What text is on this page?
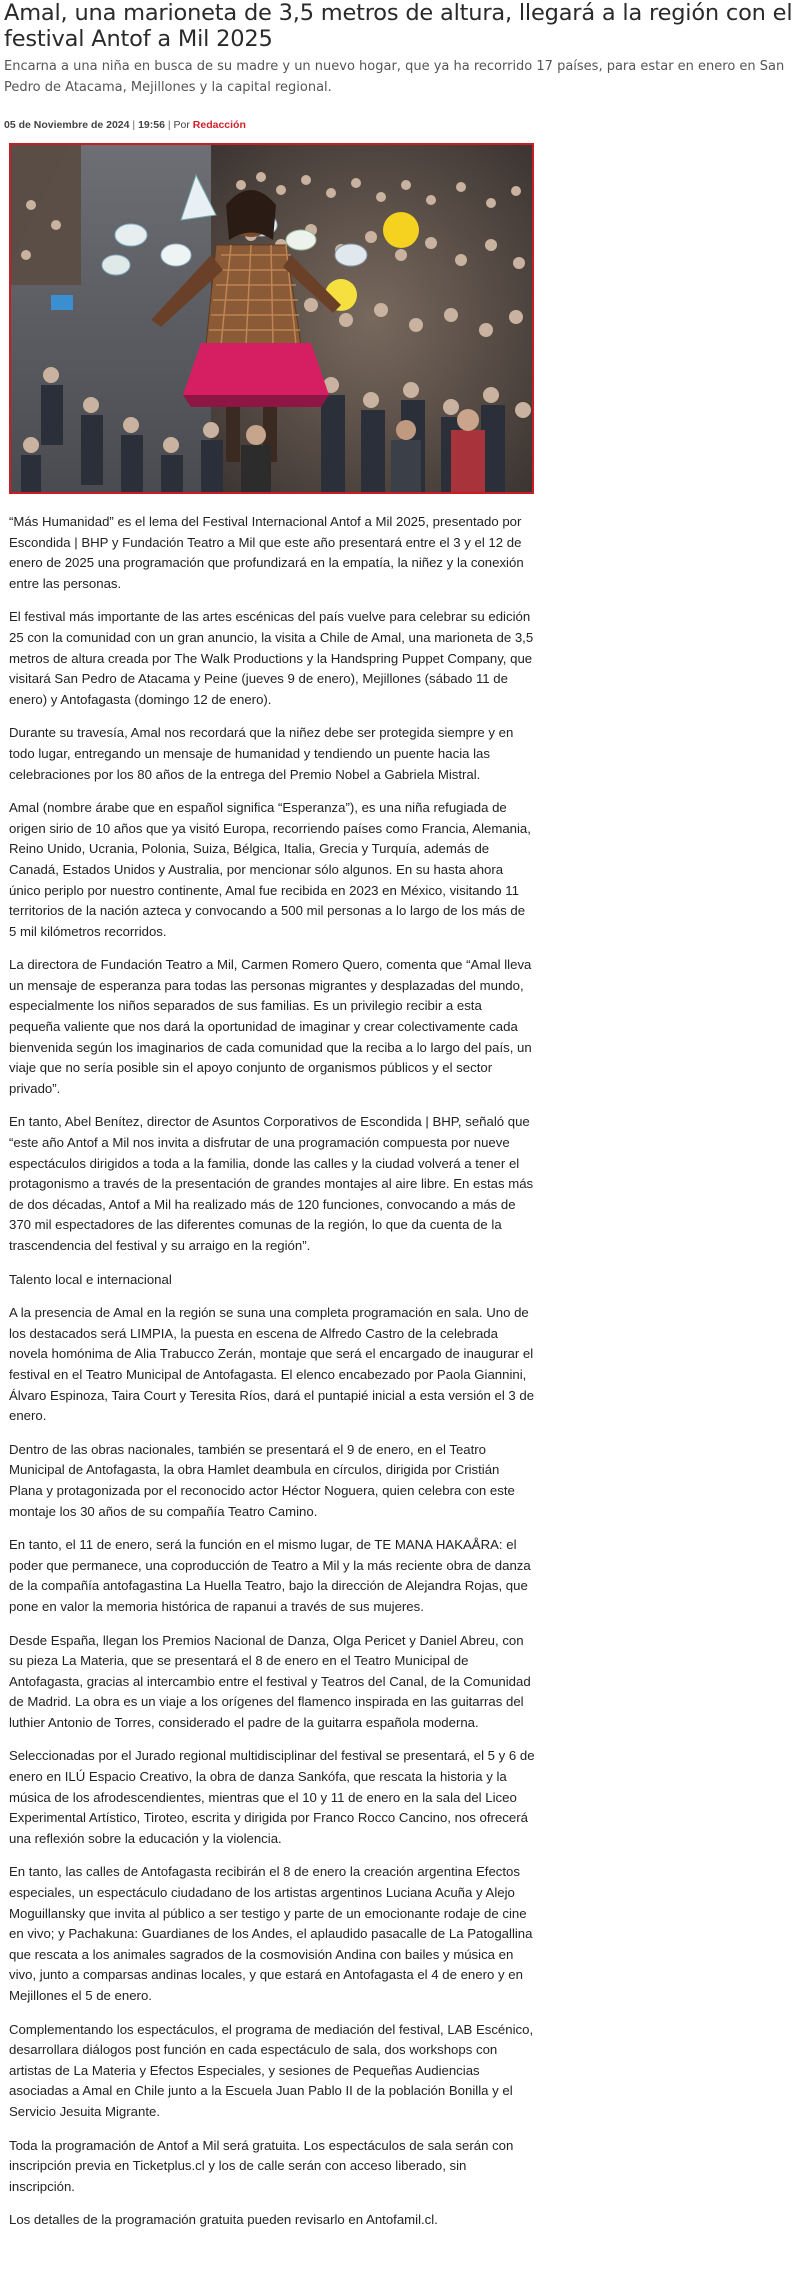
Amal, una marioneta de 3,5 metros de altura, llegará a la región con el festival Antof a Mil 2025
Encarna a una niña en busca de su madre y un nuevo hogar, que ya ha recorrido 17 países, para estar en enero en San Pedro de Atacama, Mejillones y la capital regional.
05 de Noviembre de 2024 | 19:56 | Por Redacción

“Más Humanidad” es el lema del Festival Internacional Antof a Mil 2025, presentado por Escondida | BHP y Fundación Teatro a Mil que este año presentará entre el 3 y el 12 de enero de 2025 una programación que profundizará en la empatía, la niñez y la conexión entre las personas.

El festival más importante de las artes escénicas del país vuelve para celebrar su edición 25 con la comunidad con un gran anuncio, la visita a Chile de Amal, una marioneta de 3,5 metros de altura creada por The Walk Productions y la Handspring Puppet Company, que visitará San Pedro de Atacama y Peine (jueves 9 de enero), Mejillones (sábado 11 de enero) y Antofagasta (domingo 12 de enero).

Durante su travesía, Amal nos recordará que la niñez debe ser protegida siempre y en todo lugar, entregando un mensaje de humanidad y tendiendo un puente hacia las celebraciones por los 80 años de la entrega del Premio Nobel a Gabriela Mistral.

Amal (nombre árabe que en español significa “Esperanza”), es una niña refugiada de origen sirio de 10 años que ya visitó Europa, recorriendo países como Francia, Alemania, Reino Unido, Ucrania, Polonia, Suiza, Bélgica, Italia, Grecia y Turquía, además de Canadá, Estados Unidos y Australia, por mencionar sólo algunos. En su hasta ahora único periplo por nuestro continente, Amal fue recibida en 2023 en México, visitando 11 territorios de la nación azteca y convocando a 500 mil personas a lo largo de los más de 5 mil kilómetros recorridos.

La directora de Fundación Teatro a Mil, Carmen Romero Quero, comenta que “Amal lleva un mensaje de esperanza para todas las personas migrantes y desplazadas del mundo, especialmente los niños separados de sus familias. Es un privilegio recibir a esta pequeña valiente que nos dará la oportunidad de imaginar y crear colectivamente cada bienvenida según los imaginarios de cada comunidad que la reciba a lo largo del país, un viaje que no sería posible sin el apoyo conjunto de organismos públicos y el sector privado”.

En tanto, Abel Benítez, director de Asuntos Corporativos de Escondida | BHP, señaló que “este año Antof a Mil nos invita a disfrutar de una programación compuesta por nueve espectáculos dirigidos a toda a la familia, donde las calles y la ciudad volverá a tener el protagonismo a través de la presentación de grandes montajes al aire libre. En estas más de dos décadas, Antof a Mil ha realizado más de 120 funciones, convocando a más de 370 mil espectadores de las diferentes comunas de la región, lo que da cuenta de la trascendencia del festival y su arraigo en la región”.

Talento local e internacional

A la presencia de Amal en la región se suna una completa programación en sala. Uno de los destacados será LIMPIA, la puesta en escena de Alfredo Castro de la celebrada novela homónima de Alia Trabucco Zerán, montaje que será el encargado de inaugurar el festival en el Teatro Municipal de Antofagasta. El elenco encabezado por Paola Giannini, Álvaro Espinoza, Taira Court y Teresita Ríos, dará el puntapié inicial a esta versión el 3 de enero.

Dentro de las obras nacionales, también se presentará el 9 de enero, en el Teatro Municipal de Antofagasta, la obra Hamlet deambula en círculos, dirigida por Cristián Plana y protagonizada por el reconocido actor Héctor Noguera, quien celebra con este montaje los 30 años de su compañía Teatro Camino.

En tanto, el 11 de enero, será la función en el mismo lugar, de TE MANA HAKAÅRA: el poder que permanece, una coproducción de Teatro a Mil y la más reciente obra de danza de la compañía antofagastina La Huella Teatro, bajo la dirección de Alejandra Rojas, que pone en valor la memoria histórica de rapanui a través de sus mujeres.

Desde España, llegan los Premios Nacional de Danza, Olga Pericet y Daniel Abreu, con su pieza La Materia, que se presentará el 8 de enero en el Teatro Municipal de Antofagasta, gracias al intercambio entre el festival y Teatros del Canal, de la Comunidad de Madrid. La obra es un viaje a los orígenes del flamenco inspirada en las guitarras del luthier Antonio de Torres, considerado el padre de la guitarra española moderna.

Seleccionadas por el Jurado regional multidisciplinar del festival se presentará, el 5 y 6 de enero en ILÚ Espacio Creativo, la obra de danza Sankófa, que rescata la historia y la música de los afrodescendientes, mientras que el 10 y 11 de enero en la sala del Liceo Experimental Artístico, Tiroteo, escrita y dirigida por Franco Rocco Cancino, nos ofrecerá una reflexión sobre la educación y la violencia.

En tanto, las calles de Antofagasta recibirán el 8 de enero la creación argentina Efectos especiales, un espectáculo ciudadano de los artistas argentinos Luciana Acuña y Alejo Moguillansky que invita al público a ser testigo y parte de un emocionante rodaje de cine en vivo; y Pachakuna: Guardianes de los Andes, el aplaudido pasacalle de La Patogallina que rescata a los animales sagrados de la cosmovisión Andina con bailes y música en vivo, junto a comparsas andinas locales, y que estará en Antofagasta el 4 de enero y en Mejillones el 5 de enero.

Complementando los espectáculos, el programa de mediación del festival, LAB Escénico, desarrollara diálogos post función en cada espectáculo de sala, dos workshops con artistas de La Materia y Efectos Especiales, y sesiones de Pequeñas Audiencias asociadas a Amal en Chile junto a la Escuela Juan Pablo II de la población Bonilla y el Servicio Jesuita Migrante.

Toda la programación de Antof a Mil será gratuita. Los espectáculos de sala serán con inscripción previa en Ticketplus.cl y los de calle serán con acceso liberado, sin inscripción.

Los detalles de la programación gratuita pueden revisarlo en Antofamil.cl.
